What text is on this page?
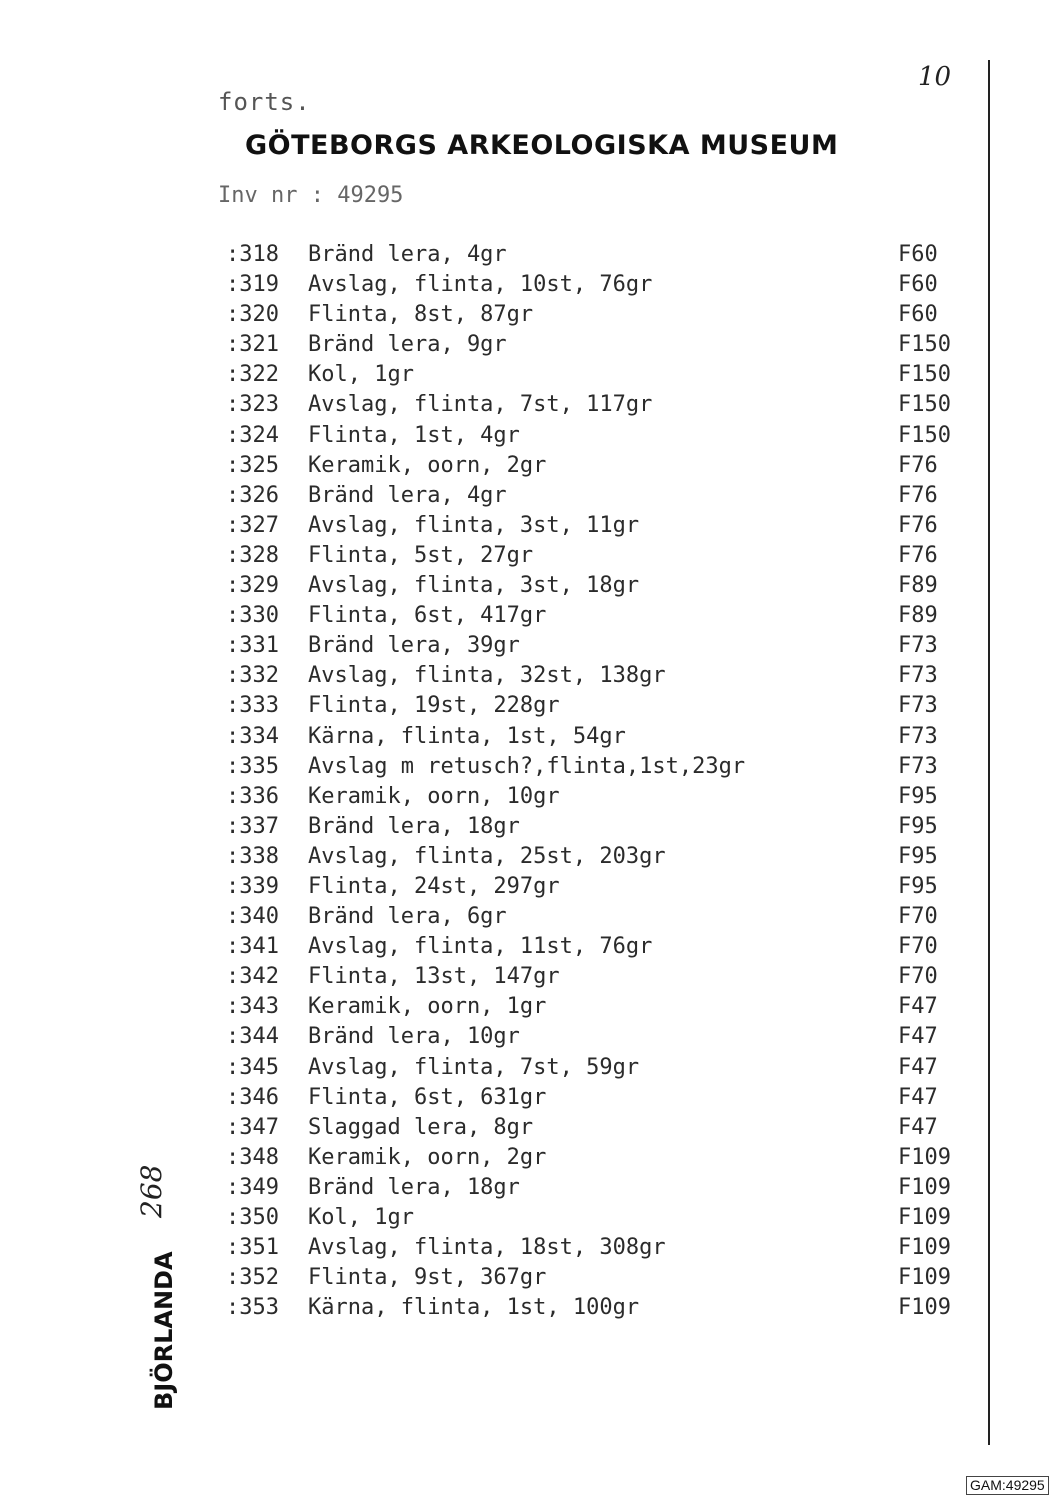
10
forts.
GÖTEBORGS ARKEOLOGISKA MUSEUM
Inv nr : 49295
:318 Bränd lera, 4gr	F60
:319 Avslag, flinta, 10st, 76gr	F60
:320 Flinta, 8st, 87gr	F60
:321 Bränd lera, 9gr	F150
:322 Kol, 1gr	F150
:323 Avslag, flinta, 7st, 117gr	F150
:324 Flinta, 1st, 4gr	F150
:325 Keramik, oorn, 2gr	F76
:326 Bränd lera, 4gr	F76
:327 Avslag, flinta, 3st, 11gr	F76
:328 Flinta, 5st, 27gr	F76
:329 Avslag, flinta, 3st, 18gr	F89
:330 Flinta, 6st, 417gr	F89
:331 Bränd lera, 39gr	F73
:332 Avslag, flinta, 32st, 138gr	F73
:333 Flinta, 19st, 228gr	F73
:334 Kärna, flinta, 1st, 54gr	F73
:335 Avslag m retusch?,flinta,1st,23gr	F73
:336 Keramik, oorn, 10gr	F95
:337 Bränd lera, 18gr	F95
:338 Avslag, flinta, 25st, 203gr	F95
:339 Flinta, 24st, 297gr	F95
:340 Bränd lera, 6gr	F70
:341 Avslag, flinta, 11st, 76gr	F70
:342 Flinta, 13st, 147gr	F70
:343 Keramik, oorn, 1gr	F47
:344 Bränd lera, 10gr	F47
:345 Avslag, flinta, 7st, 59gr	F47
:346 Flinta, 6st, 631gr	F47
:347 Slaggad lera, 8gr	F47
:348 Keramik, oorn, 2gr	F109
:349 Bränd lera, 18gr	F109
:350 Kol, 1gr	F109
:351 Avslag, flinta, 18st, 308gr	F109
:352 Flinta, 9st, 367gr	F109
:353 Kärna, flinta, 1st, 100gr	F109
268
BJÖRLANDA
GAM:49295
